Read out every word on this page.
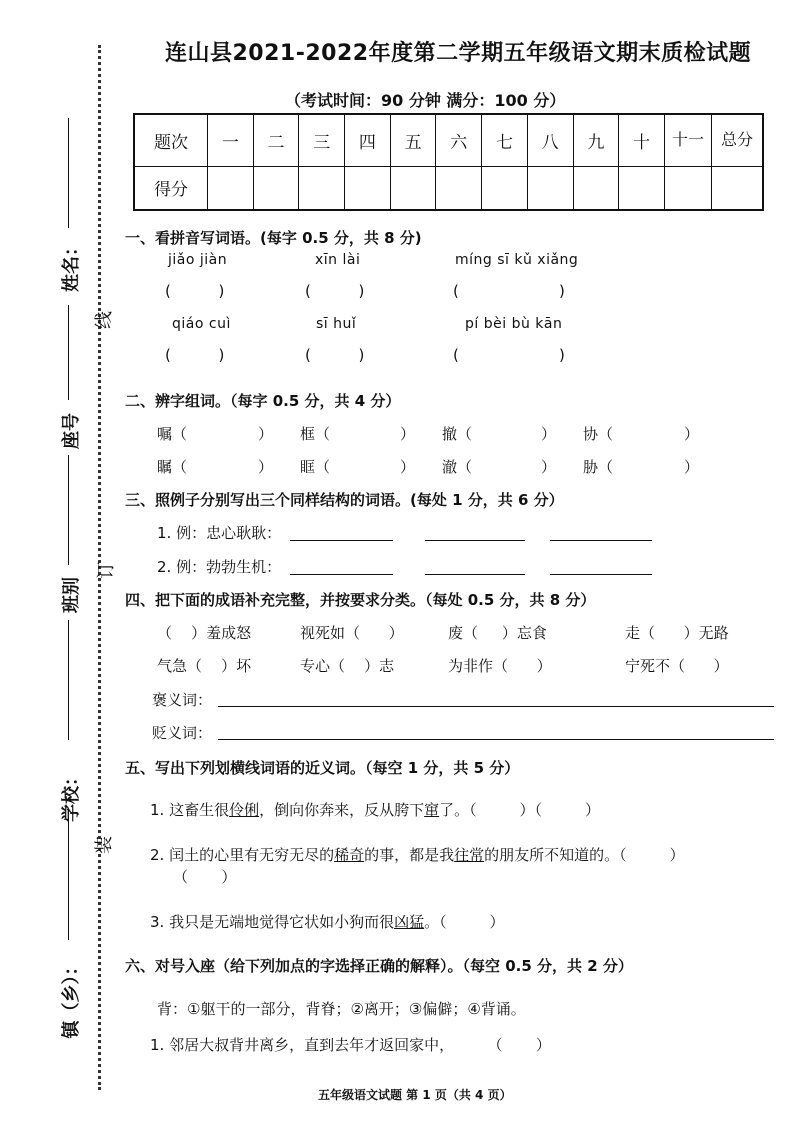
线
订
装
姓名：
座号
班别
学校：
镇（乡）：
连山县2021-2022年度第二学期五年级语文期末质检试题
（考试时间：90 分钟 满分：100 分）
题次	一	二	三	四	五	六	七	八	九	十	十一	总分
得分												
一、看拼音写词语。(每字 0.5 分，共 8 分)
jiǎo jiàn	xīn lài	míng sī kǔ xiǎng
(          )	(          )	(                     )
qiáo cuì	sī huǐ	pí bèi bù kān
(          )	(          )	(                     )
二、辨字组词。（每字 0.5 分，共 4 分）
嘱（	） 框（	） 撤（	） 协（	）
瞩（	） 眶（	） 澈（	） 胁（	）
三、照例子分别写出三个同样结构的词语。(每处 1 分，共 6 分）
1. 例：忠心耿耿：
2. 例：勃勃生机：
四、把下面的成语补充完整，并按要求分类。（每处 0.5 分，共 8 分）
（    ）羞成怒	视死如（      ）	废（     ）忘食	走（      ）无路
气急（    ）坏	专心（    ）志	为非作（      ）	宁死不（      ）
褒义词：
贬义词：
五、写出下列划横线词语的近义词。（每空 1 分，共 5 分）
1. 这畜生很伶俐，倒向你奔来，反从胯下窜了。（         ）（         ）
2. 闰土的心里有无穷无尽的稀奇的事，都是我往常的朋友所不知道的。（         ）
（       ）
3. 我只是无端地觉得它状如小狗而很凶猛。（         ）
六、对号入座（给下列加点的字选择正确的解释）。（每空 0.5 分，共 2 分）
背：①躯干的一部分，背脊；②离开；③偏僻；④背诵。
1. 邻居大叔背井离乡，直到去年才返回家中，       （       ）
五年级语文试题 第 1 页（共 4 页）
